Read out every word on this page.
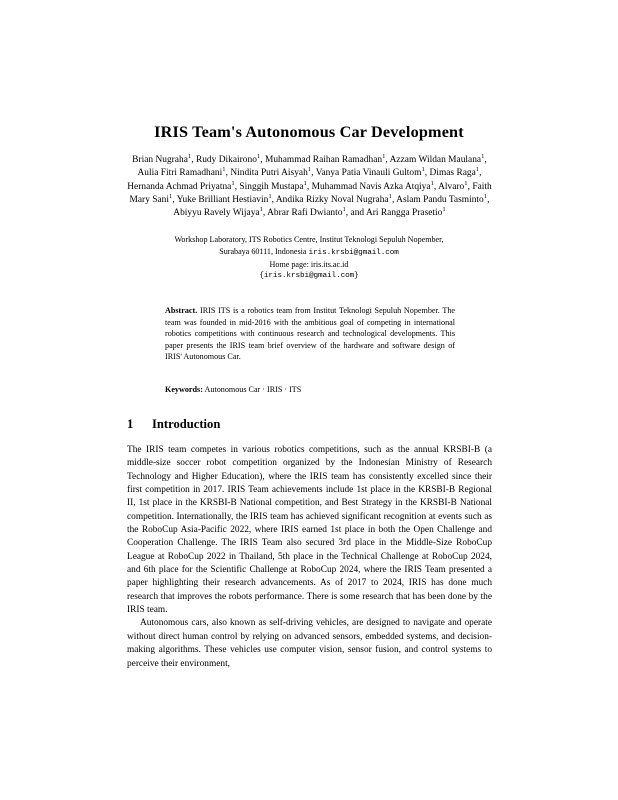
IRIS Team's Autonomous Car Development
Brian Nugraha$^1$, Rudy Dikairono$^1$, Muhammad Raihan Ramadhan$^1$, Azzam Wildan Maulana$^1$, Aulia Fitri Ramadhani$^1$, Nindita Putri Aisyah$^1$, Vanya Patia Vinauli Gultom$^1$, Dimas Raga$^1$, Hernanda Achmad Priyatna$^1$, Singgih Mustapa$^1$, Muhammad Navis Azka Atqiya$^1$, Alvaro$^1$, Faith Mary Sani$^1$, Yuke Brilliant Hestiavin$^1$, Andika Rizky Noval Nugraha$^1$, Aslam Pandu Tasminto$^1$, Abiyyu Ravely Wijaya$^1$, Abrar Rafi Dwianto$^1$, and Ari Rangga Prasetio$^1$
Workshop Laboratory, ITS Robotics Centre, Institut Teknologi Sepuluh Nopember,
Surabaya 60111, Indonesia iris.krsbi@gmail.com
Home page: iris.its.ac.id
{iris.krsbi@gmail.com}
Abstract. IRIS ITS is a robotics team from Institut Teknologi Sepuluh Nopember. The team was founded in mid-2016 with the ambitious goal of competing in international robotics competitions with continuous research and technological developments. This paper presents the IRIS team brief overview of the hardware and software design of IRIS' Autonomous Car.
Keywords: Autonomous Car · IRIS · ITS
1 Introduction

The IRIS team competes in various robotics competitions, such as the annual KRSBI-B (a middle-size soccer robot competition organized by the Indonesian Ministry of Research Technology and Higher Education), where the IRIS team has consistently excelled since their first competition in 2017. IRIS Team achievements include 1st place in the KRSBI-B Regional II, 1st place in the KRSBI-B National competition, and Best Strategy in the KRSBI-B National competition. Internationally, the IRIS team has achieved significant recognition at events such as the RoboCup Asia-Pacific 2022, where IRIS earned 1st place in both the Open Challenge and Cooperation Challenge. The IRIS Team also secured 3rd place in the Middle-Size RoboCup League at RoboCup 2022 in Thailand, 5th place in the Technical Challenge at RoboCup 2024, and 6th place for the Scientific Challenge at RoboCup 2024, where the IRIS Team presented a paper highlighting their research advancements. As of 2017 to 2024, IRIS has done much research that improves the robots performance. There is some research that has been done by the IRIS team.

Autonomous cars, also known as self-driving vehicles, are designed to navigate and operate without direct human control by relying on advanced sensors, embedded systems, and decision-making algorithms. These vehicles use computer vision, sensor fusion, and control systems to perceive their environment,
